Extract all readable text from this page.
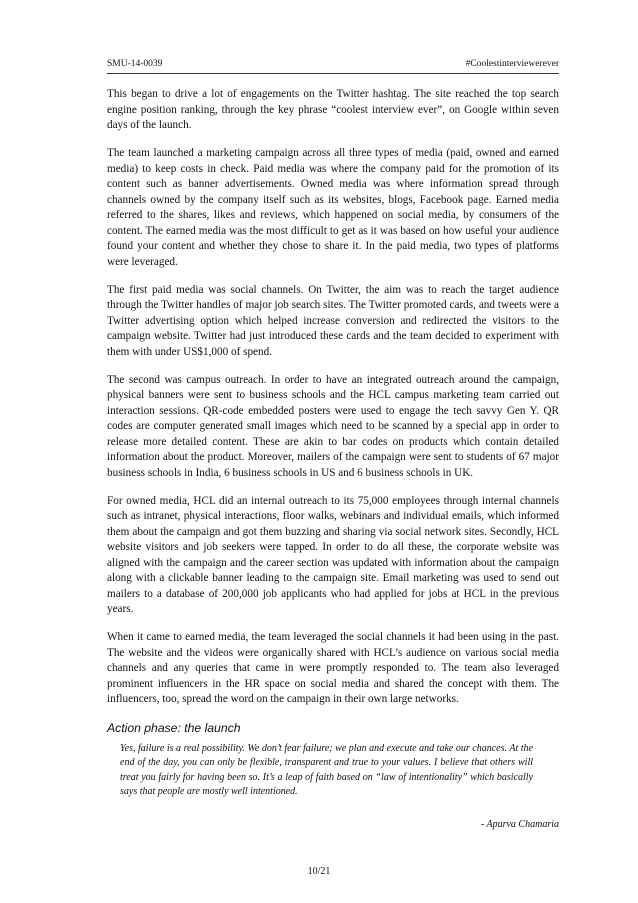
SMU-14-0039	#Coolestinterviewerever

This began to drive a lot of engagements on the Twitter hashtag. The site reached the top search engine position ranking, through the key phrase “coolest interview ever”, on Google within seven days of the launch.

The team launched a marketing campaign across all three types of media (paid, owned and earned media) to keep costs in check. Paid media was where the company paid for the promotion of its content such as banner advertisements. Owned media was where information spread through channels owned by the company itself such as its websites, blogs, Facebook page. Earned media referred to the shares, likes and reviews, which happened on social media, by consumers of the content. The earned media was the most difficult to get as it was based on how useful your audience found your content and whether they chose to share it. In the paid media, two types of platforms were leveraged.

The first paid media was social channels. On Twitter, the aim was to reach the target audience through the Twitter handles of major job search sites. The Twitter promoted cards, and tweets were a Twitter advertising option which helped increase conversion and redirected the visitors to the campaign website. Twitter had just introduced these cards and the team decided to experiment with them with under US$1,000 of spend.

The second was campus outreach. In order to have an integrated outreach around the campaign, physical banners were sent to business schools and the HCL campus marketing team carried out interaction sessions. QR-code embedded posters were used to engage the tech savvy Gen Y. QR codes are computer generated small images which need to be scanned by a special app in order to release more detailed content. These are akin to bar codes on products which contain detailed information about the product. Moreover, mailers of the campaign were sent to students of 67 major business schools in India, 6 business schools in US and 6 business schools in UK.

For owned media, HCL did an internal outreach to its 75,000 employees through internal channels such as intranet, physical interactions, floor walks, webinars and individual emails, which informed them about the campaign and got them buzzing and sharing via social network sites. Secondly, HCL website visitors and job seekers were tapped. In order to do all these, the corporate website was aligned with the campaign and the career section was updated with information about the campaign along with a clickable banner leading to the campaign site. Email marketing was used to send out mailers to a database of 200,000 job applicants who had applied for jobs at HCL in the previous years.

When it came to earned media, the team leveraged the social channels it had been using in the past. The website and the videos were organically shared with HCL’s audience on various social media channels and any queries that came in were promptly responded to. The team also leveraged prominent influencers in the HR space on social media and shared the concept with them. The influencers, too, spread the word on the campaign in their own large networks.

Action phase: the launch
Yes, failure is a real possibility. We don’t fear failure; we plan and execute and take our chances. At the end of the day, you can only be flexible, transparent and true to your values. I believe that others will treat you fairly for having been so. It’s a leap of faith based on “law of intentionality” which basically says that people are mostly well intentioned.
- Apurva Chamaria
10/21
